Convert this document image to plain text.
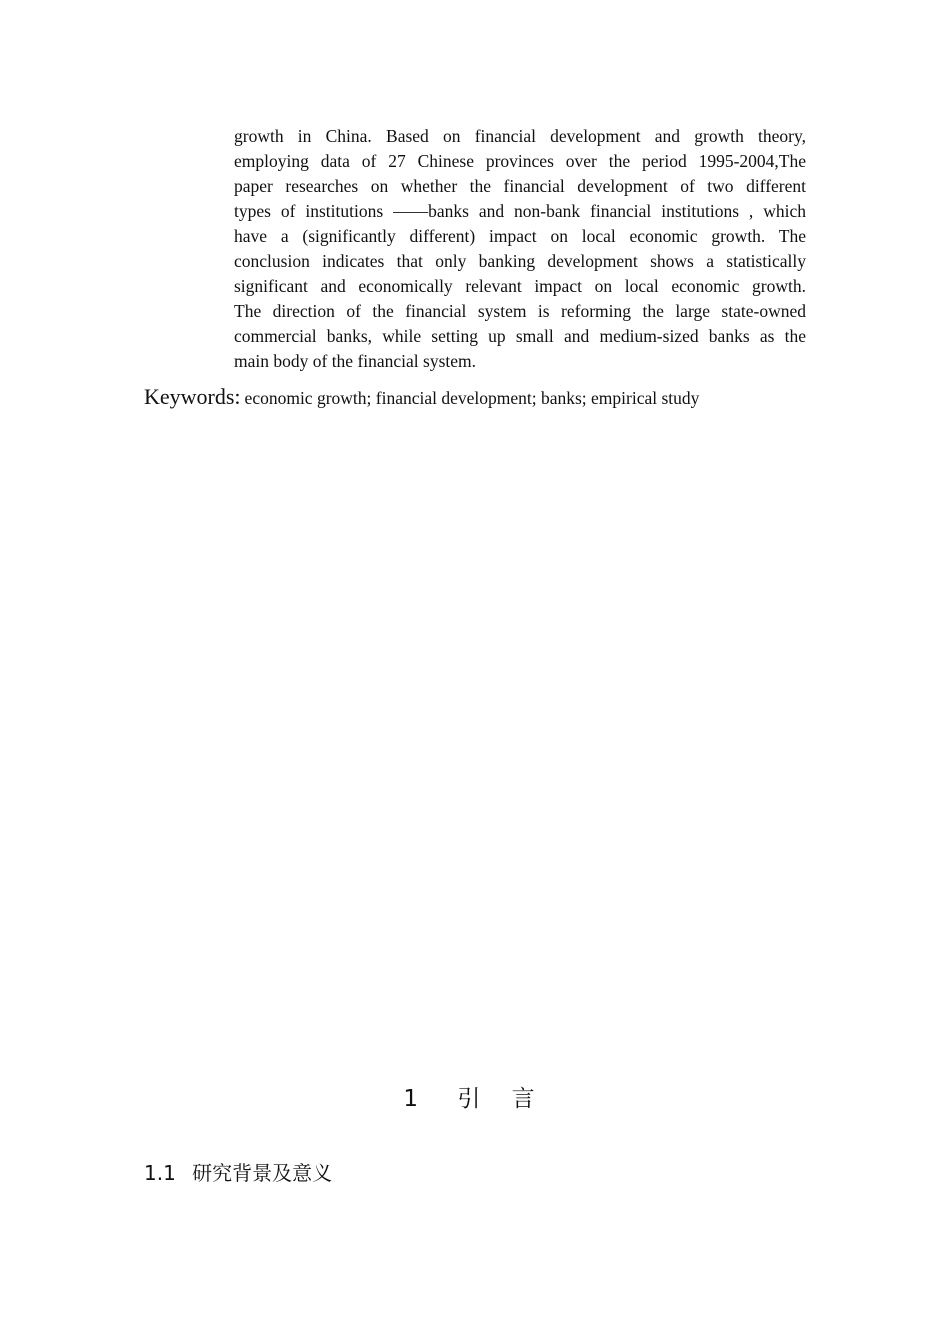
growth in China. Based on financial development and growth theory,
employing data of 27 Chinese provinces over the period 1995-2004,The
paper researches on whether the financial development of two different
types of institutions ——banks and non-bank financial institutions , which
have a (significantly different) impact on local economic growth. The
conclusion indicates that only banking development shows a statistically
significant and economically relevant impact on local economic growth.
The direction of the financial system is reforming the large state-owned
commercial banks, while setting up small and medium-sized banks as the
main body of the financial system.
Keywords: economic growth; financial development; banks; empirical study
1 引 言
1.1 研究背景及意义
